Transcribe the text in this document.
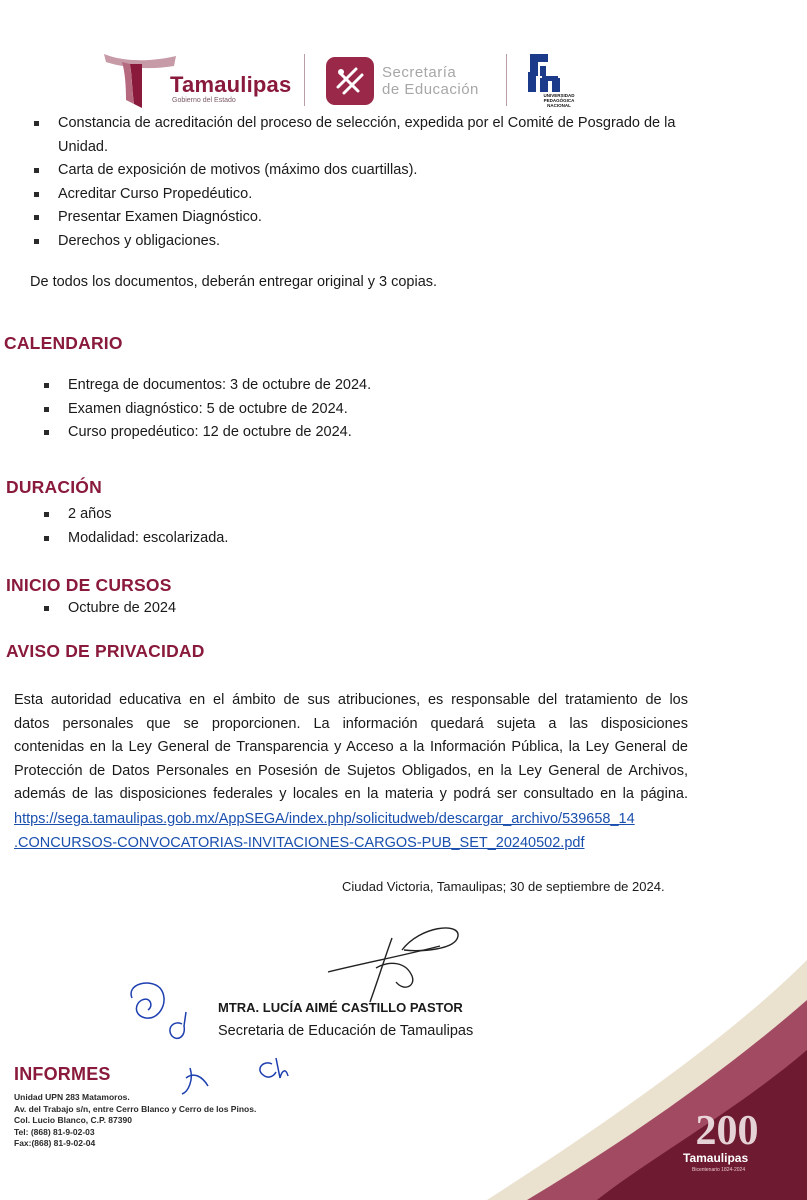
Tamaulipas
Gobierno del Estado
Secretaría
de Educación	UNIVERSIDAD
PEDAGÓGICA
NACIONAL
Constancia de acreditación del proceso de selección, expedida por el Comité de Posgrado de la Unidad.
Carta de exposición de motivos (máximo dos cuartillas).
Acreditar Curso Propedéutico.
Presentar Examen Diagnóstico.
Derechos y obligaciones.
De todos los documentos, deberán entregar original y 3 copias.
CALENDARIO
Entrega de documentos: 3 de octubre de 2024.
Examen diagnóstico: 5 de octubre de 2024.
Curso propedéutico: 12 de octubre de 2024.
DURACIÓN
2 años
Modalidad: escolarizada.
INICIO DE CURSOS
Octubre de 2024
AVISO DE PRIVACIDAD
Esta autoridad educativa en el ámbito de sus atribuciones, es responsable del tratamiento de los
datos personales que se proporcionen. La información quedará sujeta a las disposiciones
contenidas en la Ley General de Transparencia y Acceso a la Información Pública, la Ley General de
Protección de Datos Personales en Posesión de Sujetos Obligados, en la Ley General de Archivos,
además de las disposiciones federales y locales en la materia y podrá ser consultado en la página.
https://sega.tamaulipas.gob.mx/AppSEGA/index.php/solicitudweb/descargar_archivo/539658_14
.CONCURSOS-CONVOCATORIAS-INVITACIONES-CARGOS-PUB_SET_20240502.pdf
Ciudad Victoria, Tamaulipas; 30 de septiembre de 2024.
MTRA. LUCÍA AIMÉ CASTILLO PASTOR
Secretaria de Educación de Tamaulipas
INFORMES
Unidad UPN 283 Matamoros.
Av. del Trabajo s/n, entre Cerro Blanco y Cerro de los Pinos.
Col. Lucio Blanco, C.P. 87390
Tel: (868) 81-9-02-03
Fax:(868) 81-9-02-04	200
Tamaulipas
Bicentenario 1824-2024
